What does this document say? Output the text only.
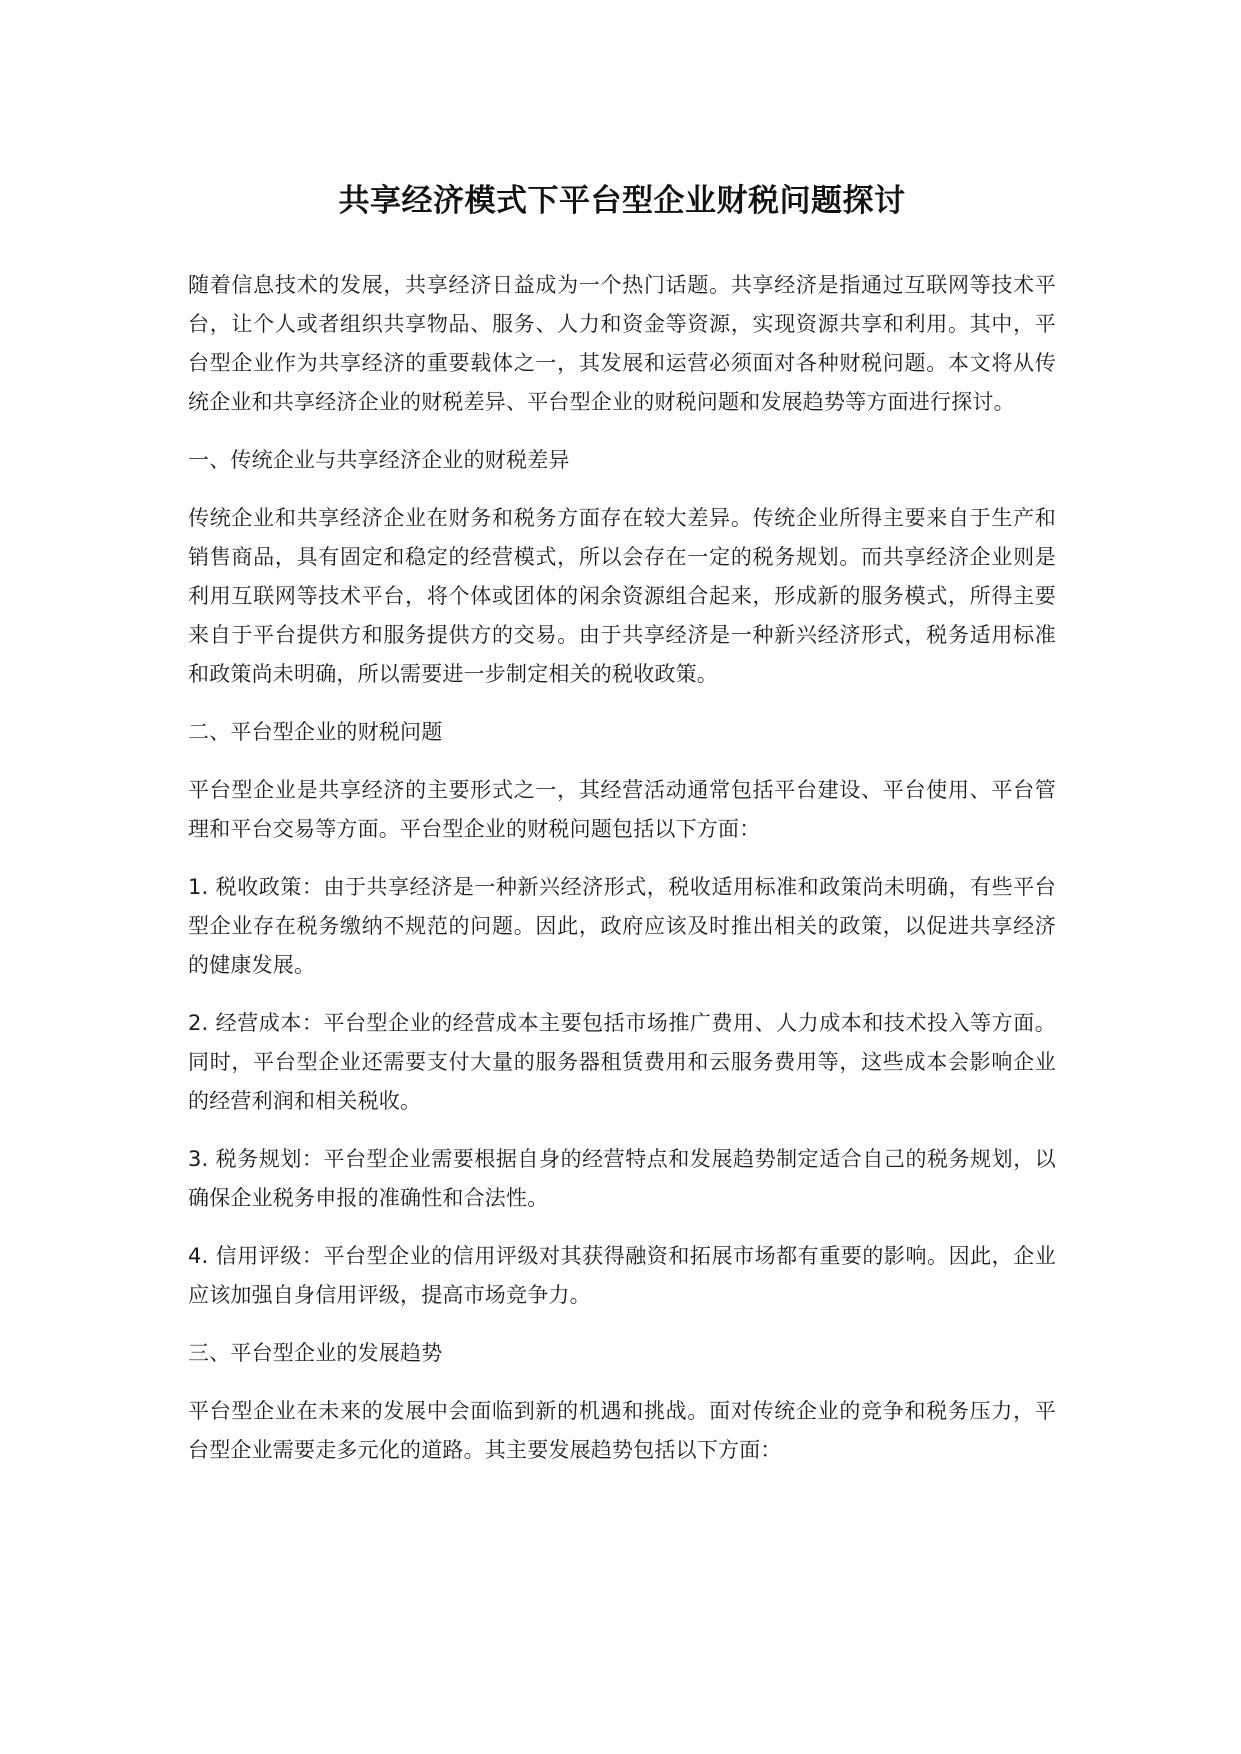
共享经济模式下平台型企业财税问题探讨

随着信息技术的发展，共享经济日益成为一个热门话题。共享经济是指通过互联网等技术平台，让个人或者组织共享物品、服务、人力和资金等资源，实现资源共享和利用。其中，平台型企业作为共享经济的重要载体之一，其发展和运营必须面对各种财税问题。本文将从传统企业和共享经济企业的财税差异、平台型企业的财税问题和发展趋势等方面进行探讨。

一、传统企业与共享经济企业的财税差异

传统企业和共享经济企业在财务和税务方面存在较大差异。传统企业所得主要来自于生产和销售商品，具有固定和稳定的经营模式，所以会存在一定的税务规划。而共享经济企业则是利用互联网等技术平台，将个体或团体的闲余资源组合起来，形成新的服务模式，所得主要来自于平台提供方和服务提供方的交易。由于共享经济是一种新兴经济形式，税务适用标准和政策尚未明确，所以需要进一步制定相关的税收政策。

二、平台型企业的财税问题

平台型企业是共享经济的主要形式之一，其经营活动通常包括平台建设、平台使用、平台管理和平台交易等方面。平台型企业的财税问题包括以下方面：

1. 税收政策：由于共享经济是一种新兴经济形式，税收适用标准和政策尚未明确，有些平台型企业存在税务缴纳不规范的问题。因此，政府应该及时推出相关的政策，以促进共享经济的健康发展。

2. 经营成本：平台型企业的经营成本主要包括市场推广费用、人力成本和技术投入等方面。同时，平台型企业还需要支付大量的服务器租赁费用和云服务费用等，这些成本会影响企业的经营利润和相关税收。

3. 税务规划：平台型企业需要根据自身的经营特点和发展趋势制定适合自己的税务规划，以确保企业税务申报的准确性和合法性。

4. 信用评级：平台型企业的信用评级对其获得融资和拓展市场都有重要的影响。因此，企业应该加强自身信用评级，提高市场竞争力。

三、平台型企业的发展趋势

平台型企业在未来的发展中会面临到新的机遇和挑战。面对传统企业的竞争和税务压力，平台型企业需要走多元化的道路。其主要发展趋势包括以下方面：
